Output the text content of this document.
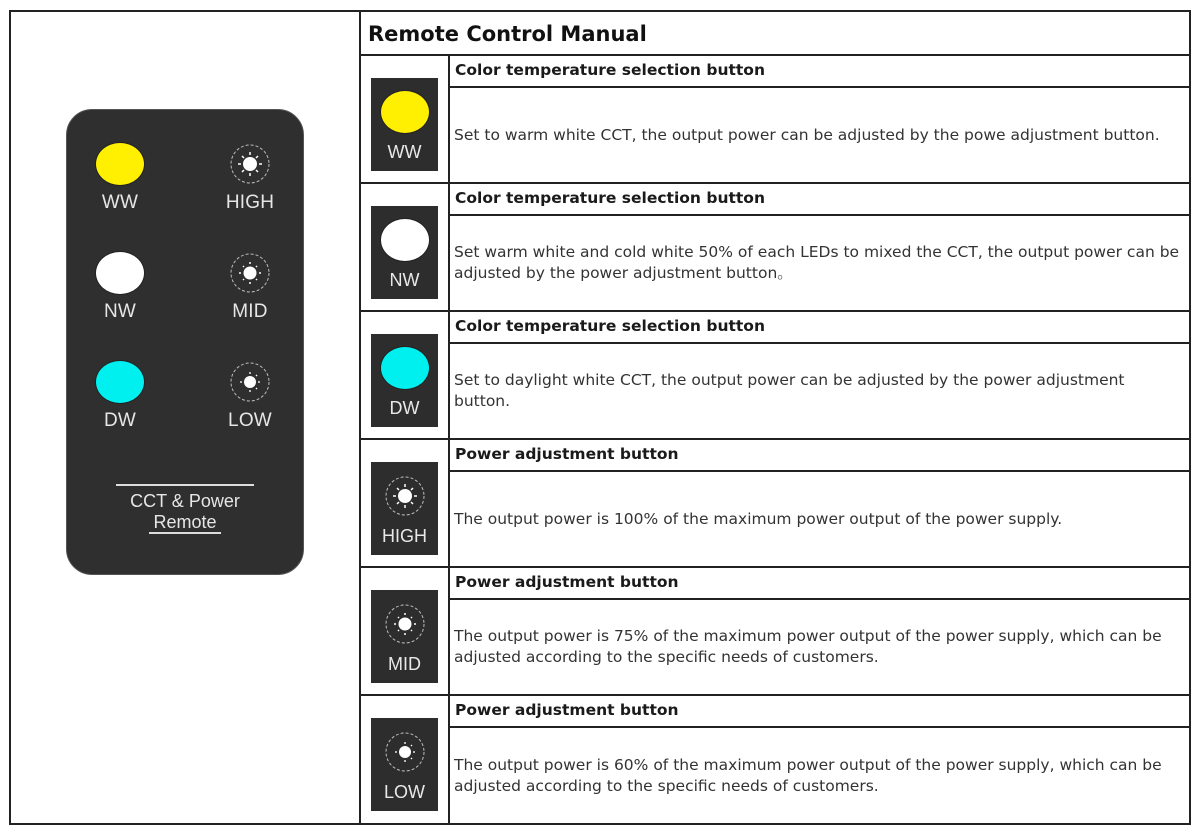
WW	HIGH
NW	MID
DW	LOW
CCT & Power
Remote
Remote Control Manual
WW
Color temperature selection button
Set to warm white CCT, the output power can be adjusted by the powe adjustment button.
NW
Color temperature selection button
Set warm white and cold white 50% of each LEDs to mixed the CCT, the output power can be adjusted by the power adjustment button。
DW
Color temperature selection button
Set to daylight white CCT, the output power can be adjusted by the power adjustment button.
HIGH
Power adjustment button
The output power is 100% of the maximum power output of the power supply.
MID
Power adjustment button
The output power is 75% of the maximum power output of the power supply, which can be adjusted according to the specific needs of customers.
LOW
Power adjustment button
The output power is 60% of the maximum power output of the power supply, which can be adjusted according to the specific needs of customers.
